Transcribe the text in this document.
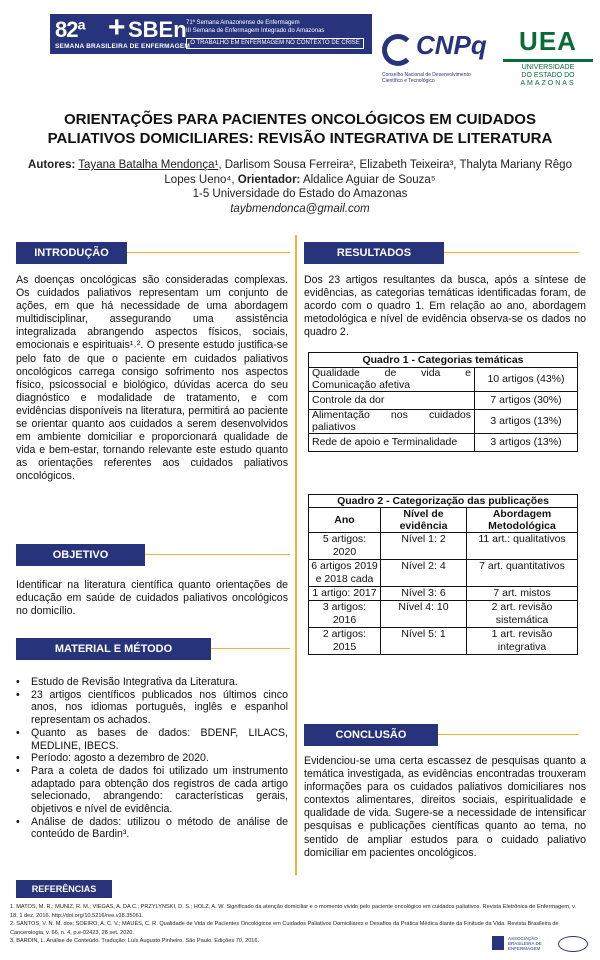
82ª + SBEn
SEMANA BRASILEIRA DE ENFERMAGEM
71ª Semana Amazonense de Enfermagem
III Semana de Enfermagem Integrado do Amazonas
O TRABALHO EM ENFERMAGEM NO CONTEXTO DE CRISE CNPq
Conselho Nacional de Desenvolvimento Científico e Tecnológico
UEA
UNIVERSIDADE
DO ESTADO DO
AMAZONAS
ORIENTAÇÕES PARA PACIENTES ONCOLÓGICOS EM CUIDADOS PALIATIVOS DOMICILIARES: REVISÃO INTEGRATIVA DE LITERATURA
Autores: Tayana Batalha Mendonça¹, Darlisom Sousa Ferreira², Elizabeth Teixeira³, Thalyta Mariany Rêgo Lopes Ueno⁴, Orientador: Aldalice Aguiar de Souza⁵
1-5 Universidade do Estado do Amazonas
taybmendonca@gmail.com
INTRODUÇÃO
As doenças oncológicas são consideradas complexas. Os cuidados paliativos representam um conjunto de ações, em que há necessidade de uma abordagem multidisciplinar, assegurando uma assistência integralizada abrangendo aspectos físicos, sociais, emocionais e espirituais¹˒². O presente estudo justifica-se pelo fato de que o paciente em cuidados paliativos oncológicos carrega consigo sofrimento nos aspectos físico, psicossocial e biológico, dúvidas acerca do seu diagnóstico e modalidade de tratamento, e com evidências disponíveis na literatura, permitirá ao paciente se orientar quanto aos cuidados a serem desenvolvidos em ambiente domiciliar e proporcionará qualidade de vida e bem-estar, tornando relevante este estudo quanto as orientações referentes aos cuidados paliativos oncológicos.
OBJETIVO
Identificar na literatura científica quanto orientações de educação em saúde de cuidados paliativos oncológicos no domicílio.
MATERIAL E MÉTODO
• Estudo de Revisão Integrativa da Literatura.
• 23 artigos científicos publicados nos últimos cinco anos, nos idiomas português, inglês e espanhol representam os achados.
• Quanto as bases de dados: BDENF, LILACS, MEDLINE, IBECS.
• Período: agosto a dezembro de 2020.
• Para a coleta de dados foi utilizado um instrumento adaptado para obtenção dos registros de cada artigo selecionado, abrangendo: características gerais, objetivos e nível de evidência.
• Análise de dados: utilizou o método de análise de conteúdo de Bardin³.
REFERÊNCIAS
RESULTADOS
Dos 23 artigos resultantes da busca, após a síntese de evidências, as categorias temáticas identificadas foram, de acordo com o quadro 1. Em relação ao ano, abordagem metodológica e nível de evidência observa-se os dados no quadro 2.
Quadro 1 - Categorias temáticas	
Qualidade de vida e Comunicação afetiva	10 artigos (43%)
Controle da dor	7 artigos (30%)
Alimentação nos cuidados paliativos	3 artigos (13%)
Rede de apoio e Terminalidade	3 artigos (13%)
Quadro 2 - Categorização das publicações		
Ano	Nível de evidência	Abordagem Metodológica
5 artigos: 2020	Nível 1: 2	11 art.: qualitativos
6 artigos 2019 e 2018 cada	Nível 2: 4	7 art. quantitativos
1 artigo: 2017	Nível 3: 6	7 art. mistos
3 artigos: 2016	Nível 4: 10	2 art. revisão sistemática
2 artigos: 2015	Nível 5: 1	1 art. revisão integrativa
CONCLUSÃO
Evidenciou-se uma certa escassez de pesquisas quanto a temática investigada, as evidências encontradas trouxeram informações para os cuidados paliativos domiciliares nos contextos alimentares, direitos sociais, espiritualidade e qualidade de vida. Sugere-se a necessidade de intensificar pesquisas e publicações científicas quanto ao tema, no sentido de ampliar estudos para o cuidado paliativo domiciliar em pacientes oncológicos.
1. MATOS, M. R.; MUNIZ, R. M.; VIEGAS, A. DA C.; PRZYLYNSKI, D. S.; HOLZ, A. W. Significado da atenção domiciliar e o momento vivido pelo paciente oncológico em cuidados paliativos. Revista Eletrônica de Enfermagem, v. 18, 1 dez. 2016. http://doi.org/10.5216/ree.v18.35061.
2. SANTOS, V. N. M. dos; SOEIRO, A. C. V.; MAUÉS, C. R. Qualidade de Vida de Pacientes Oncológicos em Cuidados Paliativos Domiciliares e Desafios da Prática Médica diante da Finitude da Vida. Revista Brasileira de Cancerologia, v. 66, n. 4, p.e-02423, 28 set. 2020.
3. BARDIN, L. Análise de Conteúdo. Tradução: Luís Augusto Pinheiro. São Paulo. Edições 70, 2016.	ASSOCIAÇÃO BRASILEIRA DE ENFERMAGEM
